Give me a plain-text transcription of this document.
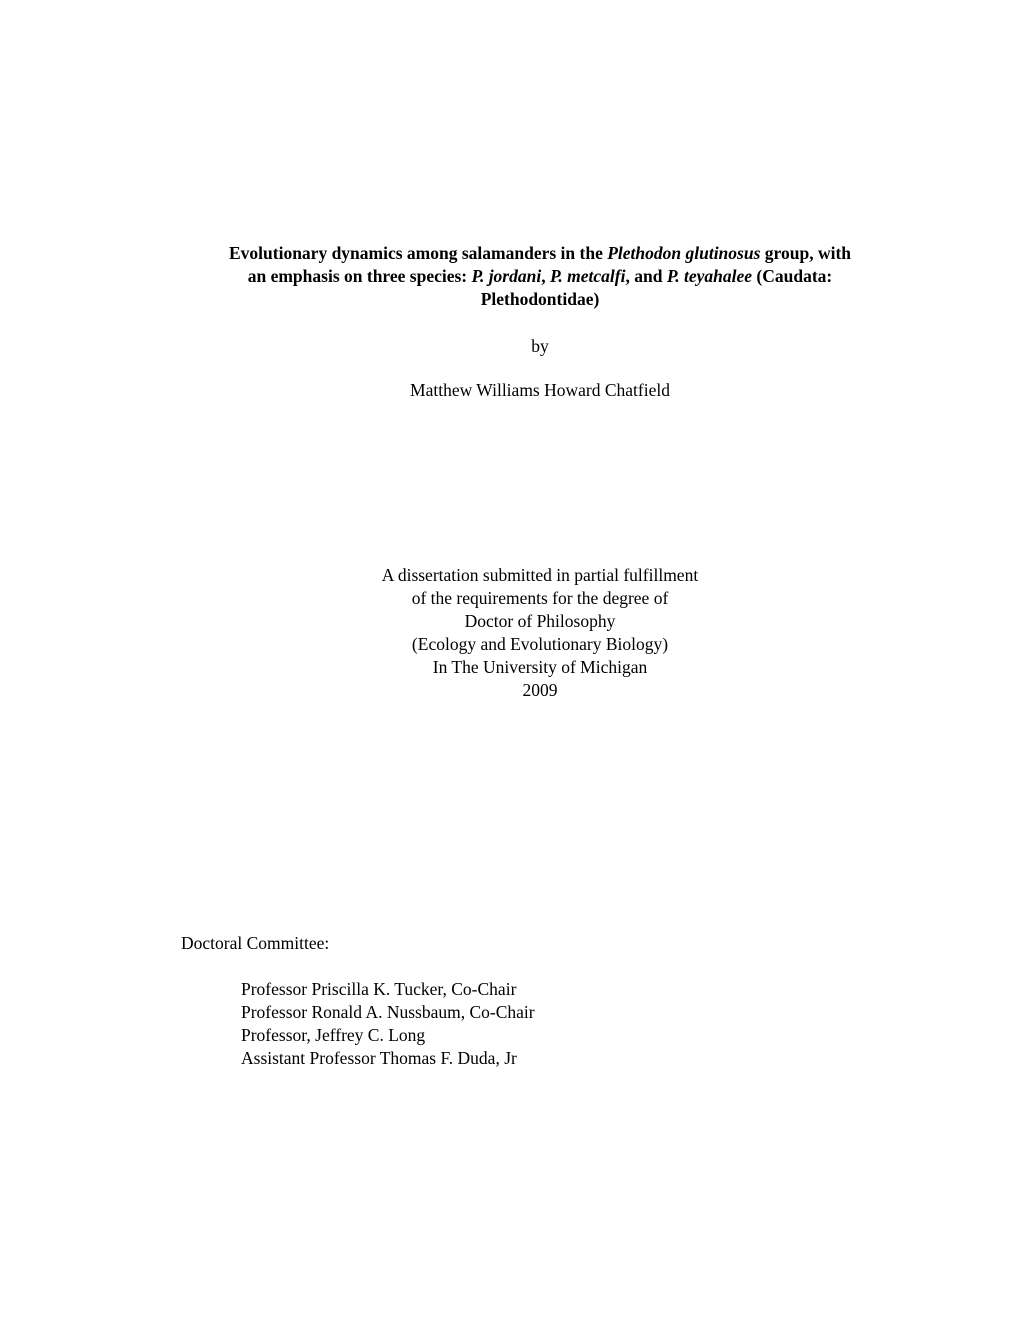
Evolutionary dynamics among salamanders in the Plethodon glutinosus group, with
an emphasis on three species: P. jordani, P. metcalfi, and P. teyahalee (Caudata:
Plethodontidae)
by
Matthew Williams Howard Chatfield
A dissertation submitted in partial fulfillment
of the requirements for the degree of
Doctor of Philosophy
(Ecology and Evolutionary Biology)
In The University of Michigan
2009
Doctoral Committee:
Professor Priscilla K. Tucker, Co-Chair
Professor Ronald A. Nussbaum, Co-Chair
Professor, Jeffrey C. Long
Assistant Professor Thomas F. Duda, Jr
